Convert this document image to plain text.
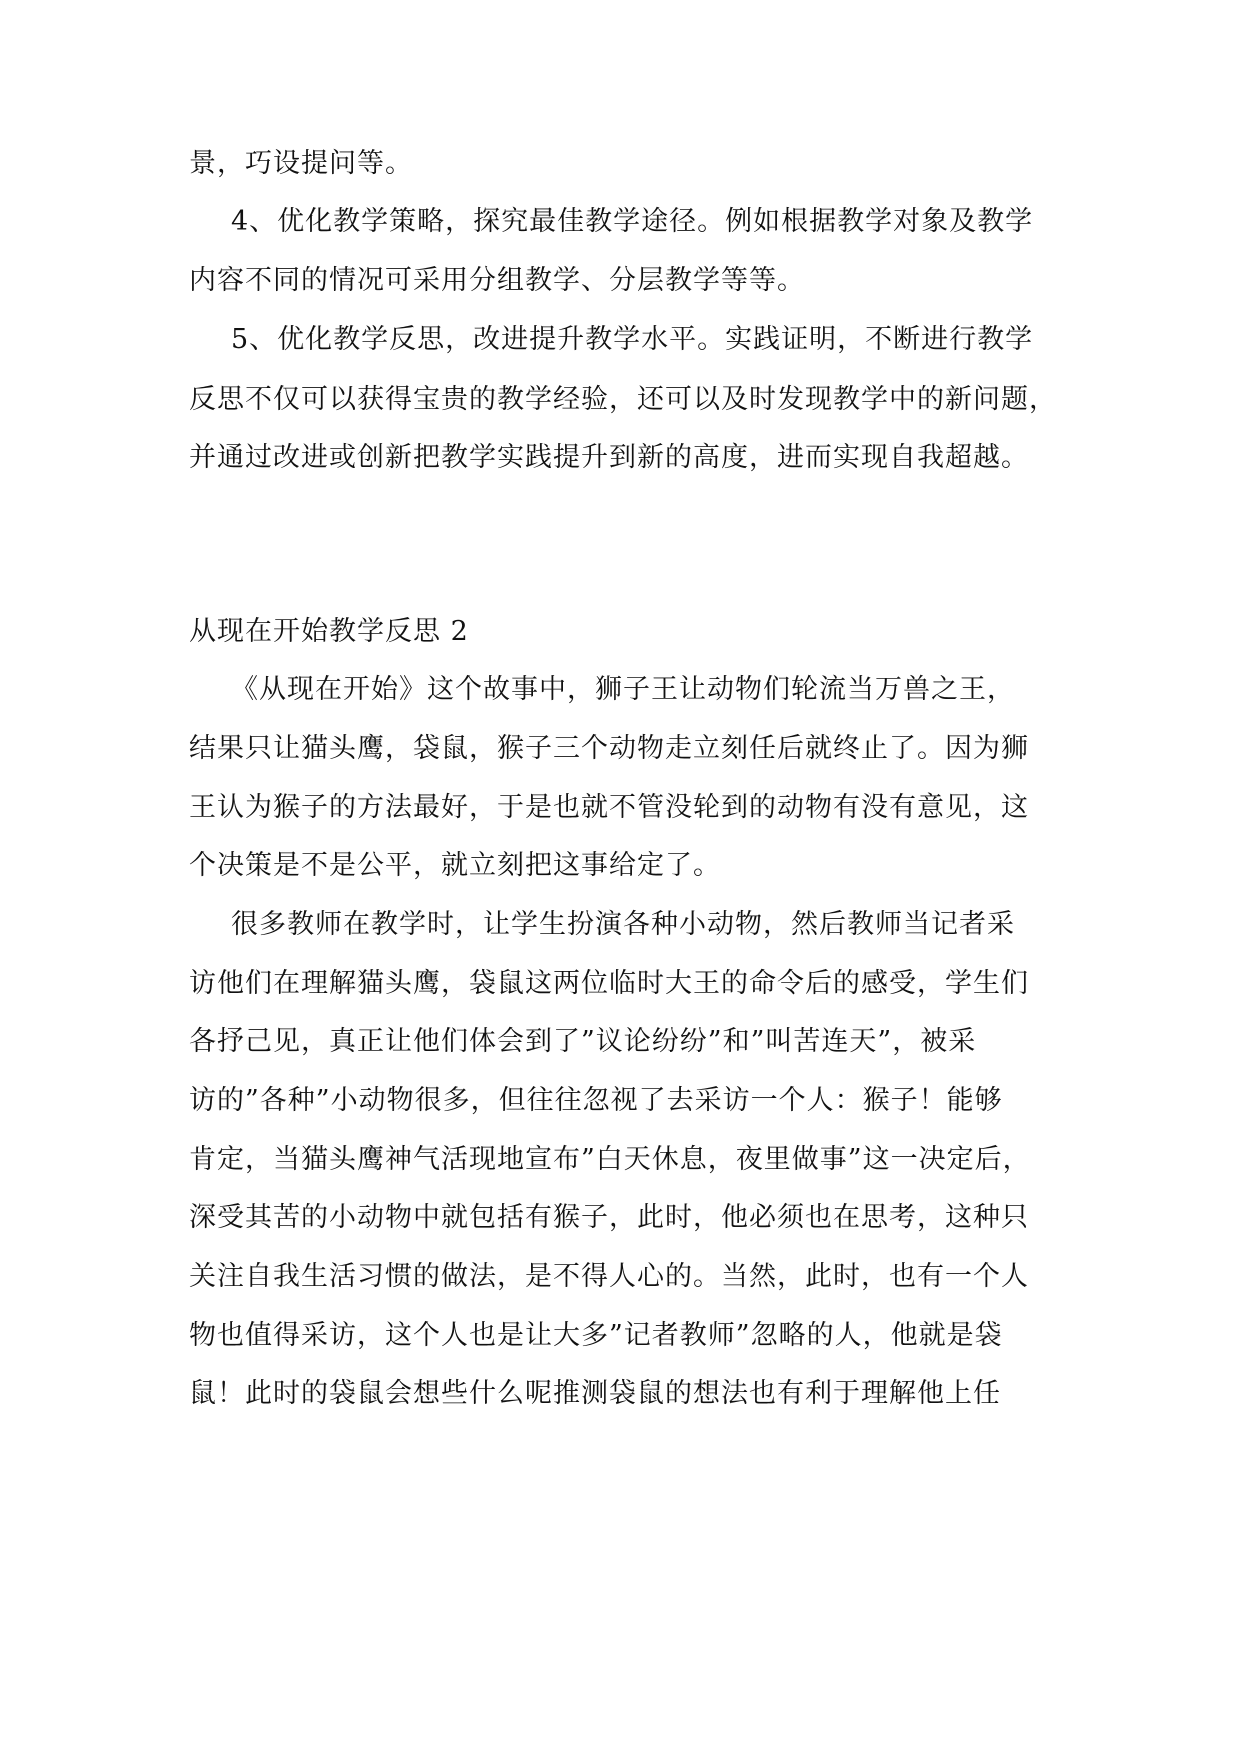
景，巧设提问等。
4、优化教学策略，探究最佳教学途径。例如根据教学对象及教学
内容不同的情况可采用分组教学、分层教学等等。
5、优化教学反思，改进提升教学水平。实践证明，不断进行教学
反思不仅可以获得宝贵的教学经验，还可以及时发现教学中的新问题，
并通过改进或创新把教学实践提升到新的高度，进而实现自我超越。
从现在开始教学反思 2
《从现在开始》这个故事中，狮子王让动物们轮流当万兽之王，
结果只让猫头鹰，袋鼠，猴子三个动物走立刻任后就终止了。因为狮
王认为猴子的方法最好，于是也就不管没轮到的动物有没有意见，这
个决策是不是公平，就立刻把这事给定了。
很多教师在教学时，让学生扮演各种小动物，然后教师当记者采
访他们在理解猫头鹰，袋鼠这两位临时大王的命令后的感受，学生们
各抒己见，真正让他们体会到了”议论纷纷”和”叫苦连天”，被采
访的”各种”小动物很多，但往往忽视了去采访一个人：猴子！能够
肯定，当猫头鹰神气活现地宣布”白天休息，夜里做事”这一决定后，
深受其苦的小动物中就包括有猴子，此时，他必须也在思考，这种只
关注自我生活习惯的做法，是不得人心的。当然，此时，也有一个人
物也值得采访，这个人也是让大多”记者教师”忽略的人，他就是袋
鼠！此时的袋鼠会想些什么呢推测袋鼠的想法也有利于理解他上任
